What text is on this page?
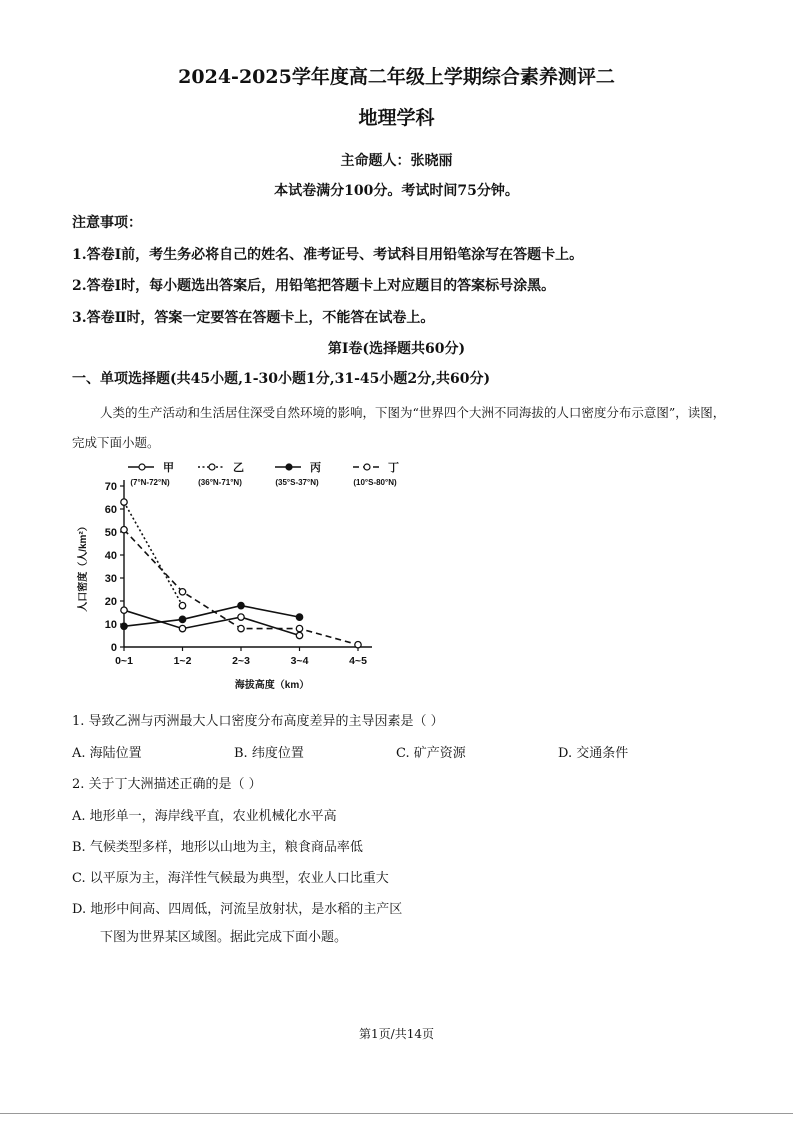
2024-2025学年度高二年级上学期综合素养测评二
地理学科
主命题人：张晓丽
本试卷满分100分。考试时间75分钟。
注意事项：
1.答卷Ⅰ前，考生务必将自己的姓名、准考证号、考试科目用铅笔涂写在答题卡上。
2.答卷Ⅰ时，每小题选出答案后，用铅笔把答题卡上对应题目的答案标号涂黑。
3.答卷Ⅱ时，答案一定要答在答题卡上，不能答在试卷上。
第Ⅰ卷(选择题共60分)
一、单项选择题(共45小题,1-30小题1分,31-45小题2分,共60分)
人类的生产活动和生活居住深受自然环境的影响，下图为“世界四个大洲不同海拔的人口密度分布示意图”，读图，完成下面小题。
甲
(7°N-72°N)
乙
(36°N-71°N)
丙
(35°S-37°N)
丁
(10°S-80°N)
0
10
20
30
40
50
60
70
0~1	1~2	2~3	3~4	4~5
人口密度（人/km²）
海拔高度（km）
1. 导致乙洲与丙洲最大人口密度分布高度差异的主导因素是（ ）
A. 海陆位置	B. 纬度位置	C. 矿产资源	D. 交通条件
2. 关于丁大洲描述正确的是（ ）
A. 地形单一，海岸线平直，农业机械化水平高
B. 气候类型多样，地形以山地为主，粮食商品率低
C. 以平原为主，海洋性气候最为典型，农业人口比重大
D. 地形中间高、四周低，河流呈放射状，是水稻的主产区
下图为世界某区域图。据此完成下面小题。
第1页/共14页
